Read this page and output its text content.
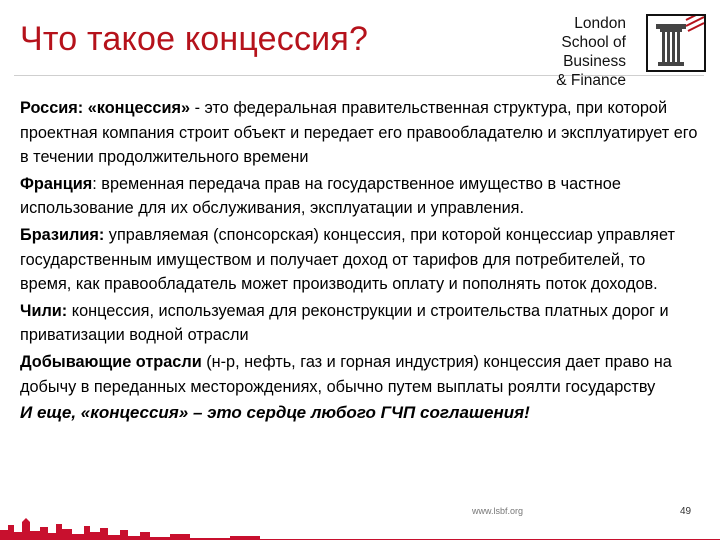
Что такое концессия?	London
School of Business
& Finance

Россия: «концессия» - это федеральная правительственная структура, при которой проектная компания строит объект и передает его правообладателю и эксплуатирует его в течении продолжительного времени

Франция: временная передача прав на государственное имущество в частное использование для их обслуживания, эксплуатации и управления.

Бразилия: управляемая (спонсорская) концессия, при которой концессиар управляет государственным имуществом и получает доход от тарифов для потребителей, то время, как правообладатель может производить оплату и пополнять поток доходов.

Чили: концессия, используемая для реконструкции и строительства платных дорог и приватизации водной отрасли

Добывающие отрасли (н-р, нефть, газ и горная индустрия) концессия дает право на добычу в переданных месторождениях, обычно путем выплаты роялти государству

И еще, «концессия» – это сердце любого ГЧП соглашения!

www.lsbf.org	49
